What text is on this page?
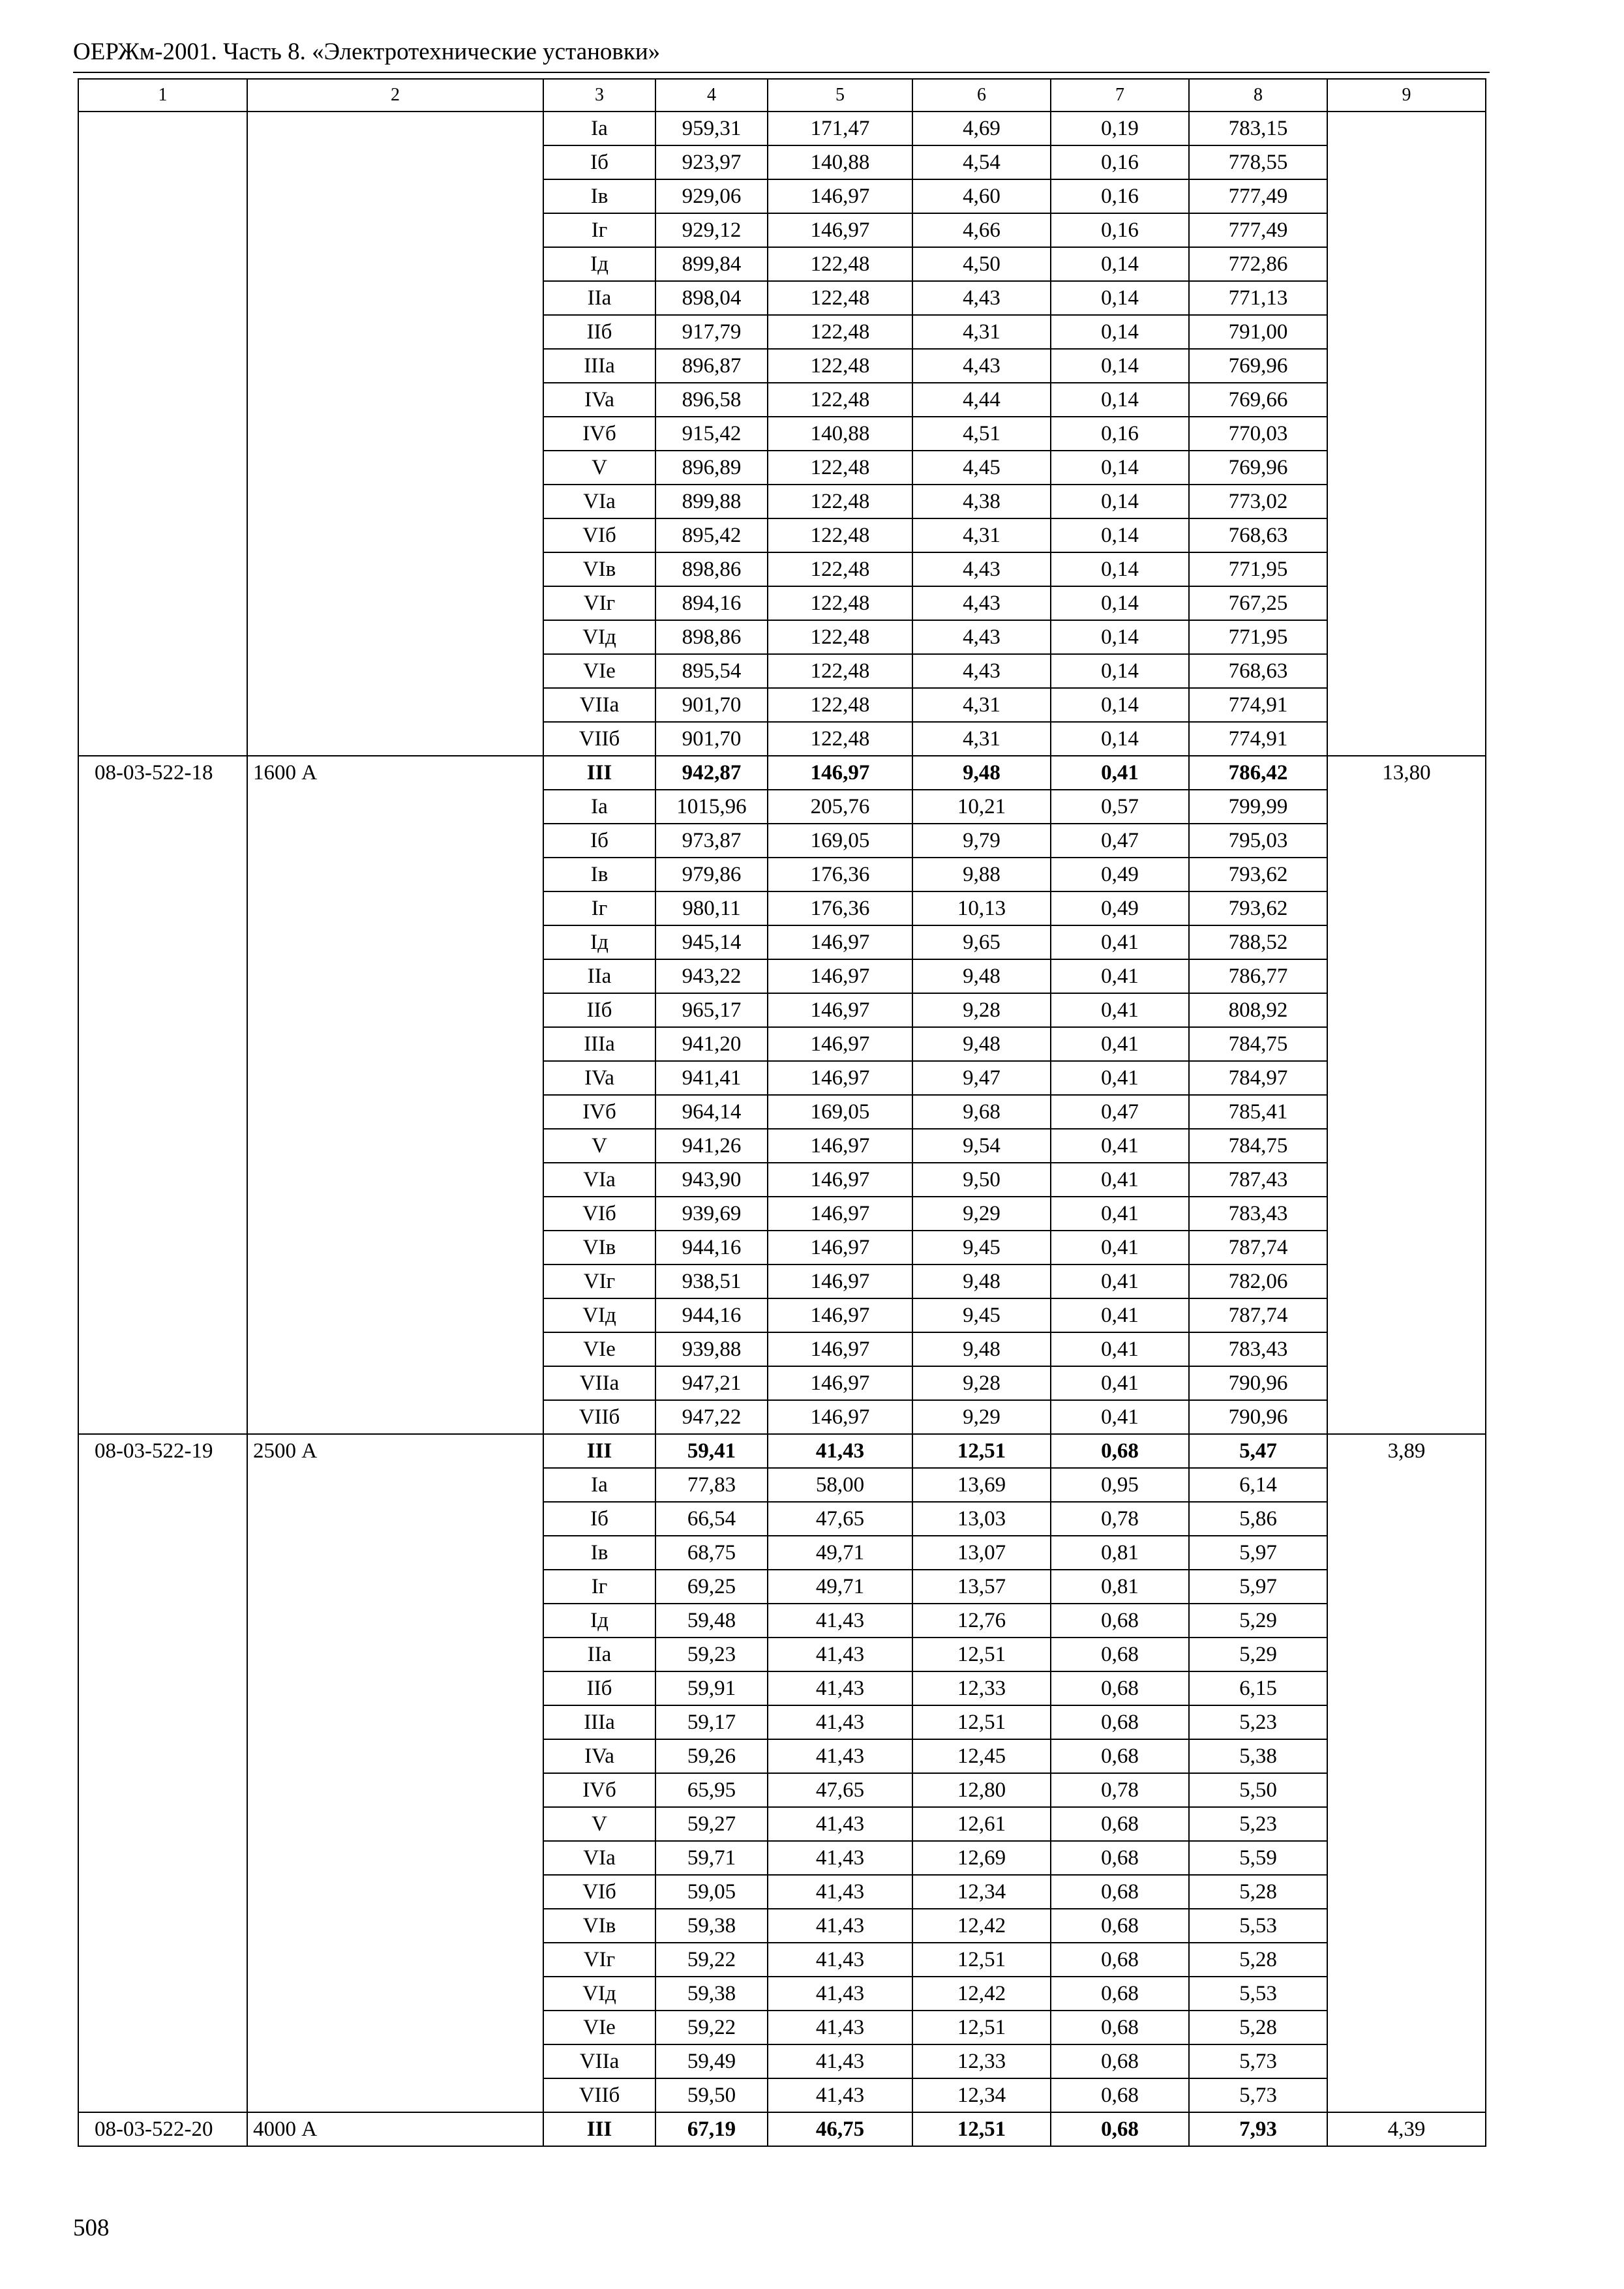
ОЕРЖм-2001. Часть 8. «Электротехнические установки»
1	2	3	4	5	6	7	8	9
		Ia	959,31	171,47	4,69	0,19	783,15	
		Iб	923,97	140,88	4,54	0,16	778,55	
		Iв	929,06	146,97	4,60	0,16	777,49	
		Iг	929,12	146,97	4,66	0,16	777,49	
		Iд	899,84	122,48	4,50	0,14	772,86	
		IIa	898,04	122,48	4,43	0,14	771,13	
		IIб	917,79	122,48	4,31	0,14	791,00	
		IIIa	896,87	122,48	4,43	0,14	769,96	
		IVa	896,58	122,48	4,44	0,14	769,66	
		IVб	915,42	140,88	4,51	0,16	770,03	
		V	896,89	122,48	4,45	0,14	769,96	
		VIa	899,88	122,48	4,38	0,14	773,02	
		VIб	895,42	122,48	4,31	0,14	768,63	
		VIв	898,86	122,48	4,43	0,14	771,95	
		VIг	894,16	122,48	4,43	0,14	767,25	
		VIд	898,86	122,48	4,43	0,14	771,95	
		VIe	895,54	122,48	4,43	0,14	768,63	
		VIIa	901,70	122,48	4,31	0,14	774,91	
		VIIб	901,70	122,48	4,31	0,14	774,91	
08-03-522-18	1600 А	III	942,87	146,97	9,48	0,41	786,42	13,80
		Ia	1015,96	205,76	10,21	0,57	799,99	
		Iб	973,87	169,05	9,79	0,47	795,03	
		Iв	979,86	176,36	9,88	0,49	793,62	
		Iг	980,11	176,36	10,13	0,49	793,62	
		Iд	945,14	146,97	9,65	0,41	788,52	
		IIa	943,22	146,97	9,48	0,41	786,77	
		IIб	965,17	146,97	9,28	0,41	808,92	
		IIIa	941,20	146,97	9,48	0,41	784,75	
		IVa	941,41	146,97	9,47	0,41	784,97	
		IVб	964,14	169,05	9,68	0,47	785,41	
		V	941,26	146,97	9,54	0,41	784,75	
		VIa	943,90	146,97	9,50	0,41	787,43	
		VIб	939,69	146,97	9,29	0,41	783,43	
		VIв	944,16	146,97	9,45	0,41	787,74	
		VIг	938,51	146,97	9,48	0,41	782,06	
		VIд	944,16	146,97	9,45	0,41	787,74	
		VIe	939,88	146,97	9,48	0,41	783,43	
		VIIa	947,21	146,97	9,28	0,41	790,96	
		VIIб	947,22	146,97	9,29	0,41	790,96	
08-03-522-19	2500 А	III	59,41	41,43	12,51	0,68	5,47	3,89
		Ia	77,83	58,00	13,69	0,95	6,14	
		Iб	66,54	47,65	13,03	0,78	5,86	
		Iв	68,75	49,71	13,07	0,81	5,97	
		Iг	69,25	49,71	13,57	0,81	5,97	
		Iд	59,48	41,43	12,76	0,68	5,29	
		IIa	59,23	41,43	12,51	0,68	5,29	
		IIб	59,91	41,43	12,33	0,68	6,15	
		IIIa	59,17	41,43	12,51	0,68	5,23	
		IVa	59,26	41,43	12,45	0,68	5,38	
		IVб	65,95	47,65	12,80	0,78	5,50	
		V	59,27	41,43	12,61	0,68	5,23	
		VIa	59,71	41,43	12,69	0,68	5,59	
		VIб	59,05	41,43	12,34	0,68	5,28	
		VIв	59,38	41,43	12,42	0,68	5,53	
		VIг	59,22	41,43	12,51	0,68	5,28	
		VIд	59,38	41,43	12,42	0,68	5,53	
		VIe	59,22	41,43	12,51	0,68	5,28	
		VIIa	59,49	41,43	12,33	0,68	5,73	
		VIIб	59,50	41,43	12,34	0,68	5,73	
08-03-522-20	4000 А	III	67,19	46,75	12,51	0,68	7,93	4,39
508
